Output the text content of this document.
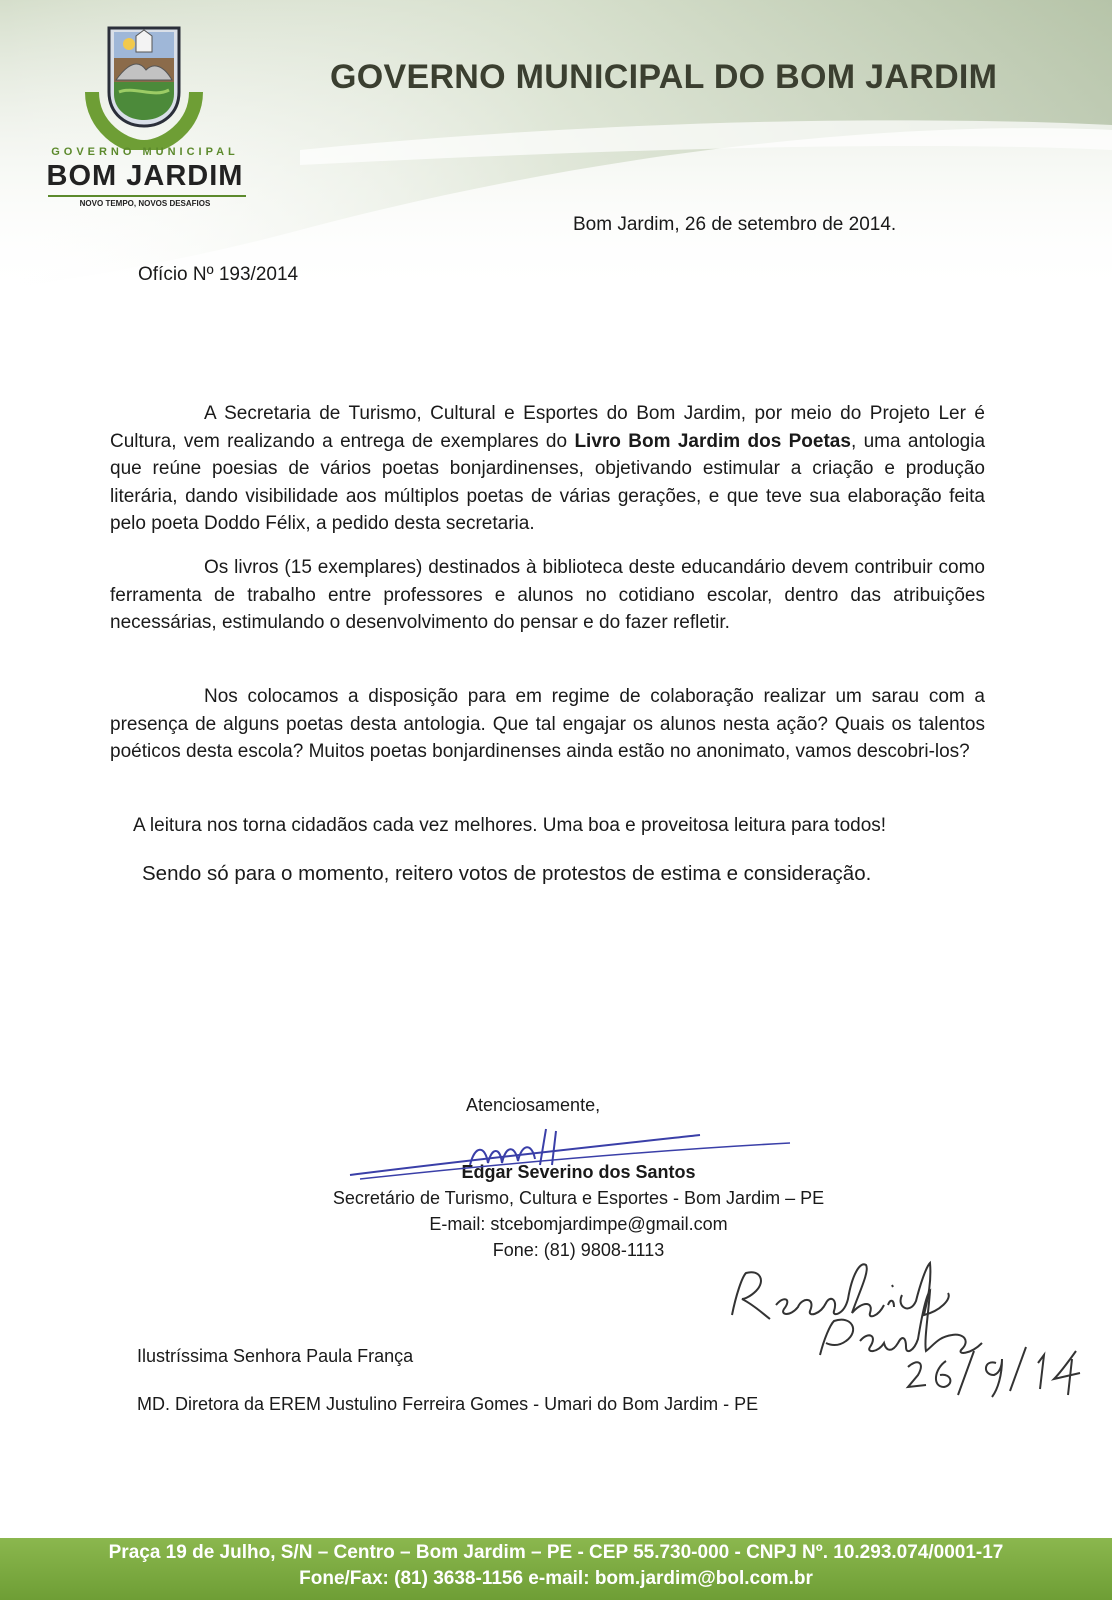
GOVERNO MUNICIPAL
BOM JARDIM
NOVO TEMPO, NOVOS DESAFIOS
GOVERNO MUNICIPAL DO BOM JARDIM
Bom Jardim, 26 de setembro de 2014.
Ofício Nº 193/2014
A Secretaria de Turismo, Cultural e Esportes do Bom Jardim, por meio do Projeto Ler é Cultura, vem realizando a entrega de exemplares do Livro Bom Jardim dos Poetas, uma antologia que reúne poesias de vários poetas bonjardinenses, objetivando estimular a criação e produção literária, dando visibilidade aos múltiplos poetas de várias gerações, e que teve sua elaboração feita pelo poeta Doddo Félix, a pedido desta secretaria.
Os livros (15 exemplares) destinados à biblioteca deste educandário devem contribuir como ferramenta de trabalho entre professores e alunos no cotidiano escolar, dentro das atribuições necessárias, estimulando o desenvolvimento do pensar e do fazer refletir.
Nos colocamos a disposição para em regime de colaboração realizar um sarau com a presença de alguns poetas desta antologia. Que tal engajar os alunos nesta ação? Quais os talentos poéticos desta escola? Muitos poetas bonjardinenses ainda estão no anonimato, vamos descobri-los?
A leitura nos torna cidadãos cada vez melhores. Uma boa e proveitosa leitura para todos!
Sendo só para o momento, reitero votos de protestos de estima e consideração.
Atenciosamente,
Edgar Severino dos Santos
Secretário de Turismo, Cultura e Esportes - Bom Jardim – PE
E-mail: stcebomjardimpe@gmail.com
Fone: (81) 9808-1113
Ilustríssima Senhora Paula França
MD. Diretora da EREM Justulino Ferreira Gomes - Umari do Bom Jardim - PE
Praça 19 de Julho, S/N – Centro – Bom Jardim – PE - CEP 55.730-000 - CNPJ Nº. 10.293.074/0001-17
Fone/Fax: (81) 3638-1156 e-mail: bom.jardim@bol.com.br
